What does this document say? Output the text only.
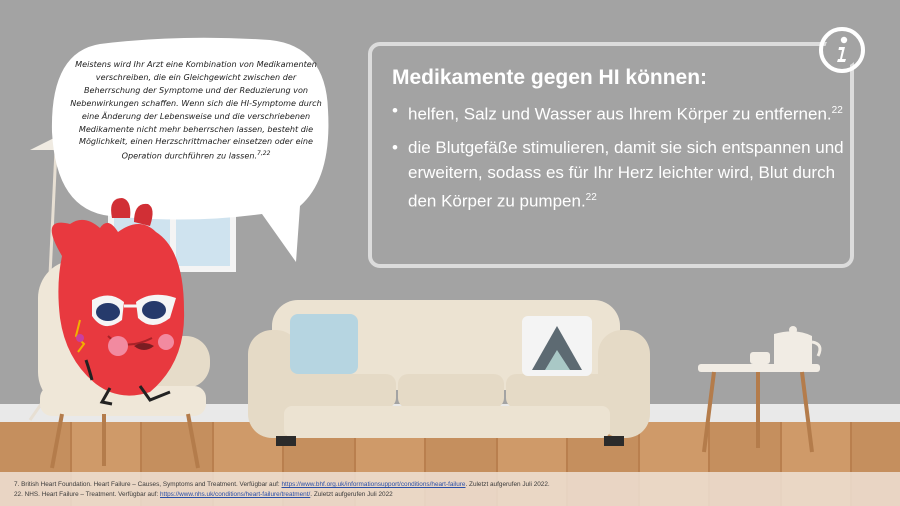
Medikamente gegen HI können:
• helfen, Salz und Wasser aus Ihrem Körper zu entfernen.$^{22}$
• die Blutgefäße stimulieren, damit sie sich entspannen und erweitern, sodass es für Ihr Herz leichter wird, Blut durch den Körper zu pumpen.$^{22}$
Meistens wird Ihr Arzt eine Kombination von Medikamenten verschreiben, die ein Gleichgewicht zwischen der Beherrschung der Symptome und der Reduzierung von Nebenwirkungen schaffen. Wenn sich die HI-Symptome durch eine Änderung der Lebensweise und die verschriebenen Medikamente nicht mehr beherrschen lassen, besteht die Möglichkeit, einen Herzschrittmacher einsetzen oder eine Operation durchführen zu lassen.$^{7,22}$
7. British Heart Foundation. Heart Failure – Causes, Symptoms and Treatment. Verfügbar auf: https://www.bhf.org.uk/informationsupport/conditions/heart-failure. Zuletzt aufgerufen Juli 2022.
22. NHS. Heart Failure – Treatment. Verfügbar auf: https://www.nhs.uk/conditions/heart-failure/treatment/. Zuletzt aufgerufen Juli 2022
